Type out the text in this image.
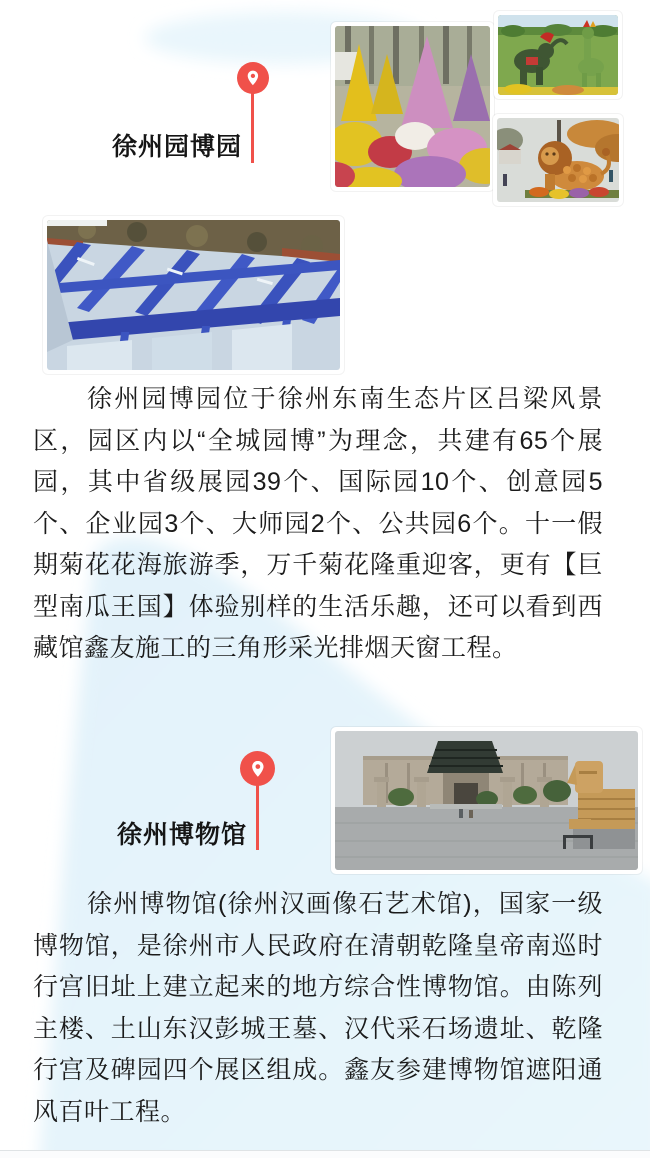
徐州园博园

徐州园博园位于徐州东南生态片区吕梁风景区，园区内以“全城园博”为理念，共建有65个展园，其中省级展园39个、国际园10个、创意园5个、企业园3个、大师园2个、公共园6个。十一假期菊花花海旅游季，万千菊花隆重迎客，更有【巨型南瓜王国】体验别样的生活乐趣，还可以看到西藏馆鑫友施工的三角形采光排烟天窗工程。

徐州博物馆

徐州博物馆(徐州汉画像石艺术馆)，国家一级博物馆，是徐州市人民政府在清朝乾隆皇帝南巡时行宫旧址上建立起来的地方综合性博物馆。由陈列主楼、土山东汉彭城王墓、汉代采石场遗址、乾隆行宫及碑园四个展区组成。鑫友参建博物馆遮阳通风百叶工程。
